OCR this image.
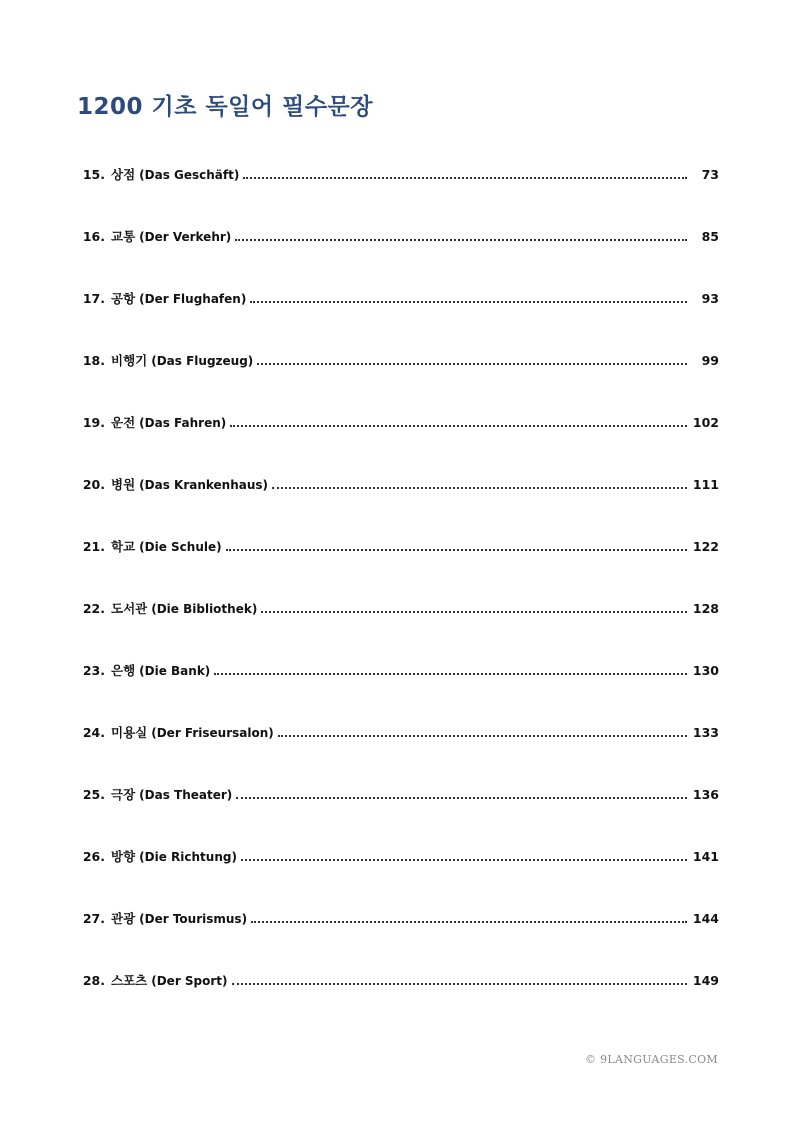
1200 기초 독일어 필수문장
15. 상점 (Das Geschäft)	73
16. 교통 (Der Verkehr)	85
17. 공항 (Der Flughafen)	93
18. 비행기 (Das Flugzeug)	99
19. 운전 (Das Fahren)	102
20. 병원 (Das Krankenhaus)	111
21. 학교 (Die Schule)	122
22. 도서관 (Die Bibliothek)	128
23. 은행 (Die Bank)	130
24. 미용실 (Der Friseursalon)	133
25. 극장 (Das Theater)	136
26. 방향 (Die Richtung)	141
27. 관광 (Der Tourismus)	144
28. 스포츠 (Der Sport)	149
© 9LANGUAGES.COM
